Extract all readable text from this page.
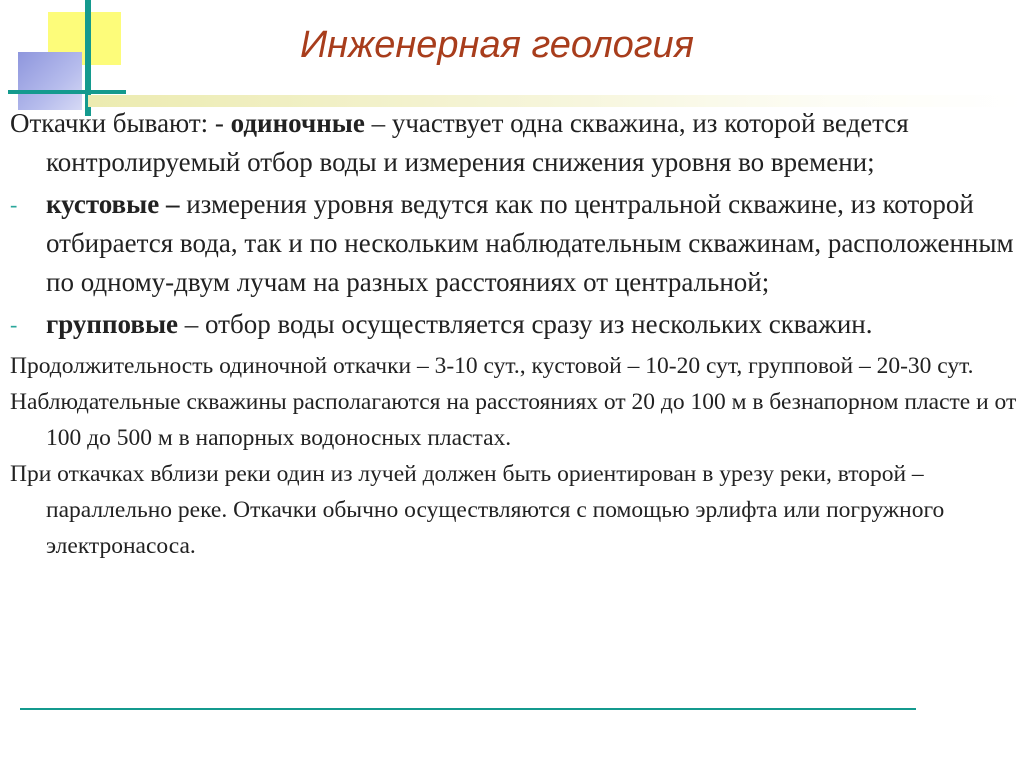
Инженерная геология

Откачки бывают: - одиночные – участвует одна скважина, из которой ведется контролируемый отбор воды и измерения снижения уровня во времени;

-	кустовые – измерения уровня ведутся как по центральной скважине, из которой отбирается вода, так и по нескольким наблюдательным скважинам, расположенным по одному-двум лучам на разных расстояниях от центральной;
-	групповые – отбор воды осуществляется сразу из нескольких скважин.

Продолжительность одиночной откачки – 3-10 сут., кустовой – 10-20 сут, групповой – 20-30 сут.

Наблюдательные скважины располагаются на расстояниях от 20 до 100 м в безнапорном пласте и от 100 до 500 м в напорных водоносных пластах.

При откачках вблизи реки один из лучей должен быть ориентирован в урезу реки, второй – параллельно реке. Откачки обычно осуществляются с помощью эрлифта или погружного электронасоса.
